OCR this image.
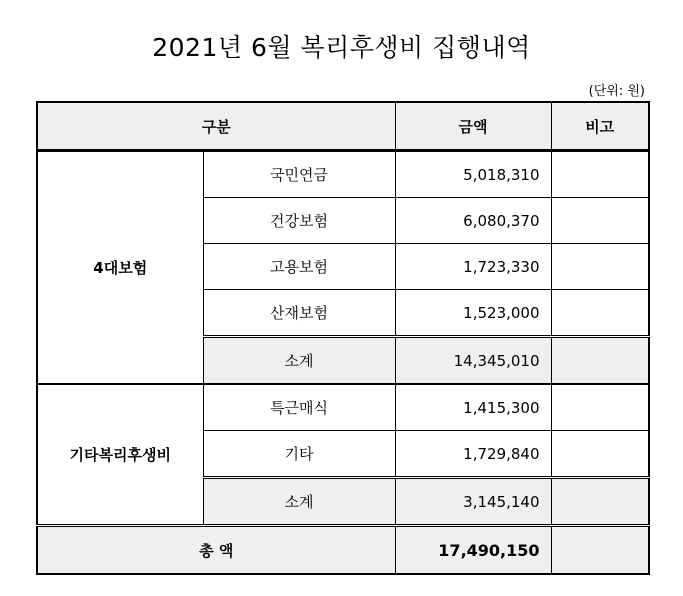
2021년 6월 복리후생비 집행내역
(단위: 원)
구분		금액	비고
4대보험	국민연금	5,018,310	
	건강보험	6,080,370	
	고용보험	1,723,330	
	산재보험	1,523,000	
	소계	14,345,010	
기타복리후생비	특근매식	1,415,300	
	기타	1,729,840	
	소계	3,145,140	
총 액		17,490,150	
